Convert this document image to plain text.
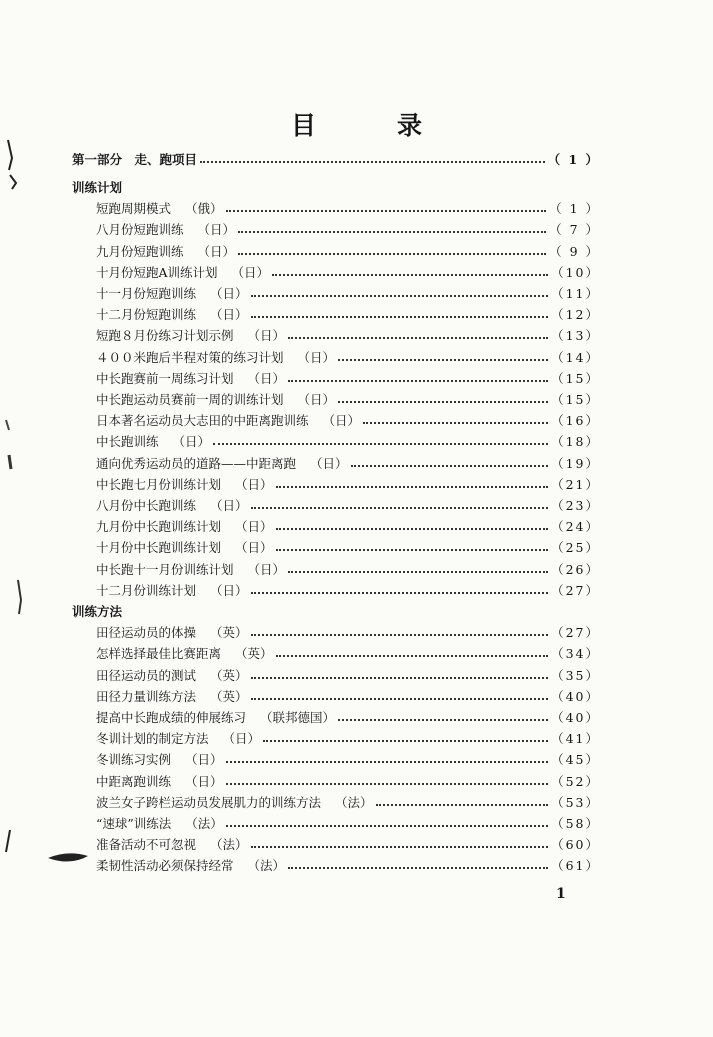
目　录
第一部分　走、跑项目	（ 1 ）
训练计划
短跑周期模式 （俄）	（ 1 ）
八月份短跑训练 （日）	（ 7 ）
九月份短跑训练 （日）	（ 9 ）
十月份短跑A训练计划 （日）	（10）
十一月份短跑训练 （日）	（11）
十二月份短跑训练 （日）	（12）
短跑８月份练习计划示例 （日）	（13）
４００米跑后半程对策的练习计划 （日）	（14）
中长跑赛前一周练习计划 （日）	（15）
中长跑运动员赛前一周的训练计划 （日）	（15）
日本著名运动员大志田的中距离跑训练 （日）	（16）
中长跑训练 （日）	（18）
通向优秀运动员的道路——中距离跑 （日）	（19）
中长跑七月份训练计划 （日）	（21）
八月份中长跑训练 （日）	（23）
九月份中长跑训练计划 （日）	（24）
十月份中长跑训练计划 （日）	（25）
中长跑十一月份训练计划 （日）	（26）
十二月份训练计划 （日）	（27）
训练方法
田径运动员的体操 （英）	（27）
怎样选择最佳比赛距离 （英）	（34）
田径运动员的测试 （英）	（35）
田径力量训练方法 （英）	（40）
提高中长跑成绩的伸展练习 （联邦德国）	（40）
冬训计划的制定方法 （日）	（41）
冬训练习实例 （日）	（45）
中距离跑训练 （日）	（52）
波兰女子跨栏运动员发展肌力的训练方法 （法）	（53）
“速球”训练法 （法）	（58）
准备活动不可忽视 （法）	（60）
柔韧性活动必须保持经常 （法）	（61）
1
